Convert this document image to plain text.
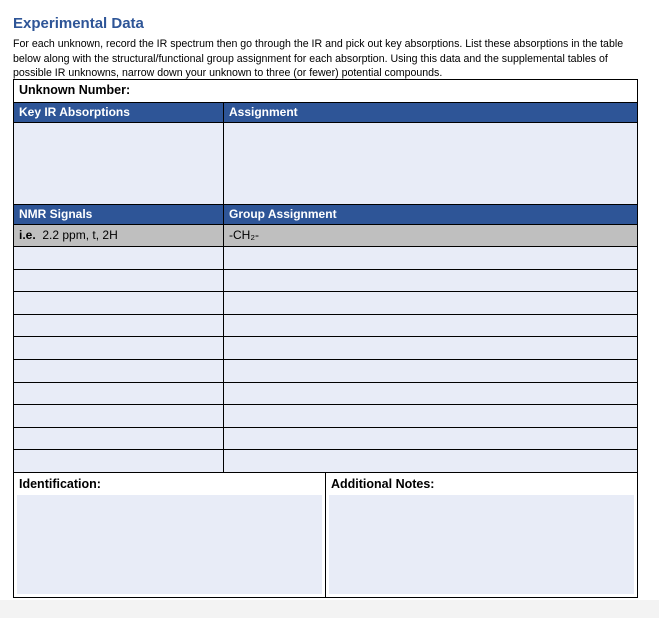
Experimental Data
For each unknown, record the IR spectrum then go through the IR and pick out key absorptions. List these absorptions in the table below along with the structural/functional group assignment for each absorption. Using this data and the supplemental tables of possible IR unknowns, narrow down your unknown to three (or fewer) potential compounds.
Unknown Number:
Key IR Absorptions	Assignment
NMR Signals	Group Assignment
i.e. 2.2 ppm, t, 2H	-CH₂-
Identification:	Additional Notes:
